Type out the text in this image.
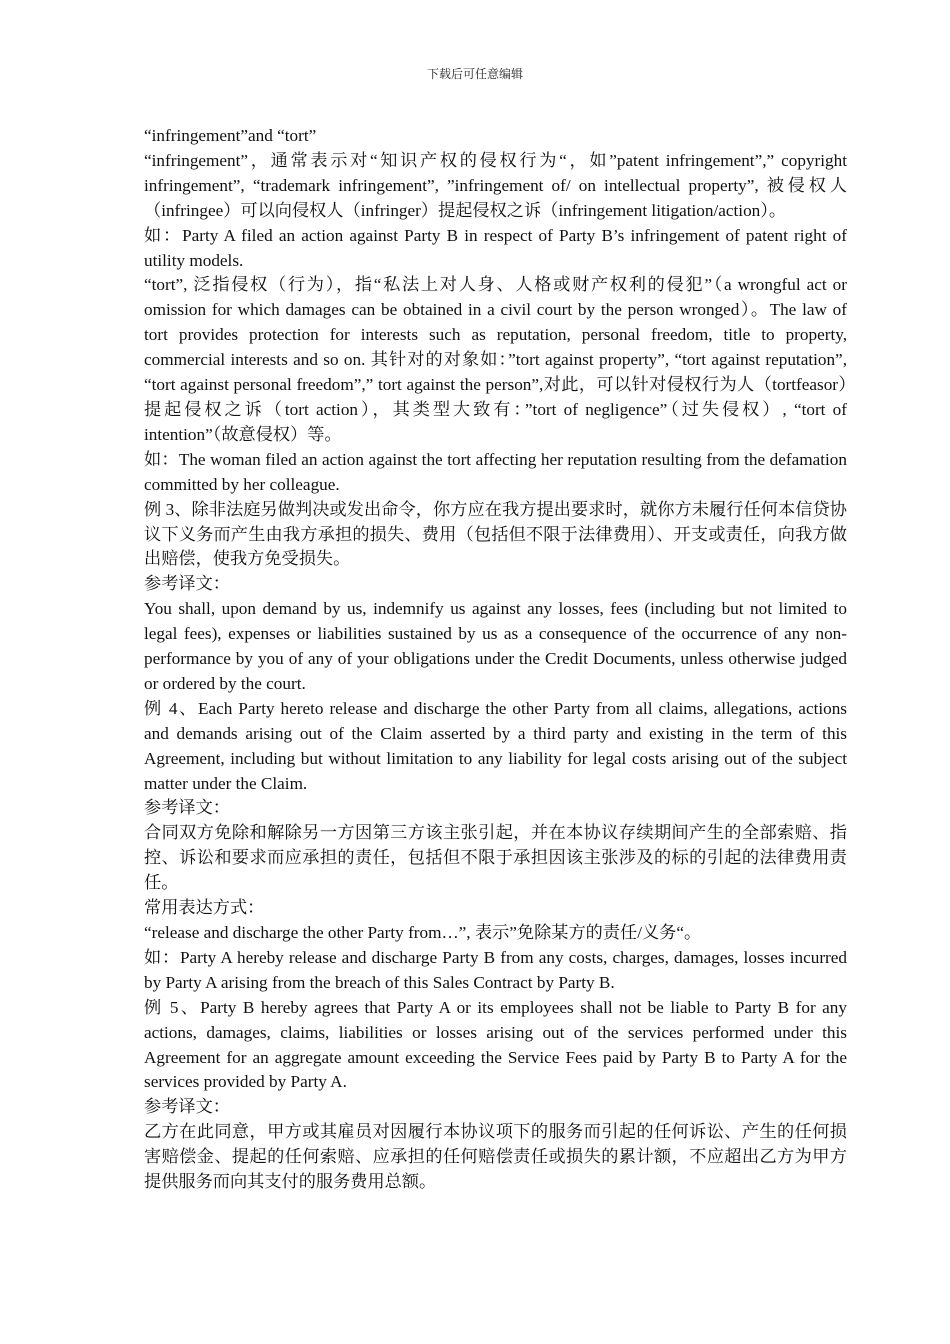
下载后可任意编辑

“infringement”and “tort”

“infringement”，通常表示对“知识产权的侵权行为“，如”patent infringement”,” copyright infringement”, “trademark infringement”, ”infringement of/ on intellectual property”, 被侵权人（infringee）可以向侵权人（infringer）提起侵权之诉（infringement litigation/action）。

如：Party A filed an action against Party B in respect of Party B’s infringement of patent right of utility models.

“tort”, 泛指侵权（行为），指“私法上对人身、人格或财产权利的侵犯”（a wrongful act or omission for which damages can be obtained in a civil court by the person wronged）。The law of tort provides protection for interests such as reputation, personal freedom, title to property, commercial interests and so on. 其针对的对象如：”tort against property”, “tort against reputation”, “tort against personal freedom”,” tort against the person”,对此，可以针对侵权行为人（tortfeasor）提起侵权之诉（tort action），其类型大致有：”tort of negligence”（过失侵权）, “tort of intention”（故意侵权）等。

如：The woman filed an action against the tort affecting her reputation resulting from the defamation committed by her colleague.

例 3、除非法庭另做判决或发出命令，你方应在我方提出要求时，就你方未履行任何本信贷协议下义务而产生由我方承担的损失、费用（包括但不限于法律费用）、开支或责任，向我方做出赔偿，使我方免受损失。

参考译文：

You shall, upon demand by us, indemnify us against any losses, fees (including but not limited to legal fees), expenses or liabilities sustained by us as a consequence of the occurrence of any non-performance by you of any of your obligations under the Credit Documents, unless otherwise judged or ordered by the court.

例 4、Each Party hereto release and discharge the other Party from all claims, allegations, actions and demands arising out of the Claim asserted by a third party and existing in the term of this Agreement, including but without limitation to any liability for legal costs arising out of the subject matter under the Claim.

参考译文：

合同双方免除和解除另一方因第三方该主张引起，并在本协议存续期间产生的全部索赔、指控、诉讼和要求而应承担的责任，包括但不限于承担因该主张涉及的标的引起的法律费用责任。

常用表达方式：

“release and discharge the other Party from…”, 表示”免除某方的责任/义务“。

如：Party A hereby release and discharge Party B from any costs, charges, damages, losses incurred by Party A arising from the breach of this Sales Contract by Party B.

例 5、Party B hereby agrees that Party A or its employees shall not be liable to Party B for any actions, damages, claims, liabilities or losses arising out of the services performed under this Agreement for an aggregate amount exceeding the Service Fees paid by Party B to Party A for the services provided by Party A.

参考译文：

乙方在此同意，甲方或其雇员对因履行本协议项下的服务而引起的任何诉讼、产生的任何损害赔偿金、提起的任何索赔、应承担的任何赔偿责任或损失的累计额，不应超出乙方为甲方提供服务而向其支付的服务费用总额。
